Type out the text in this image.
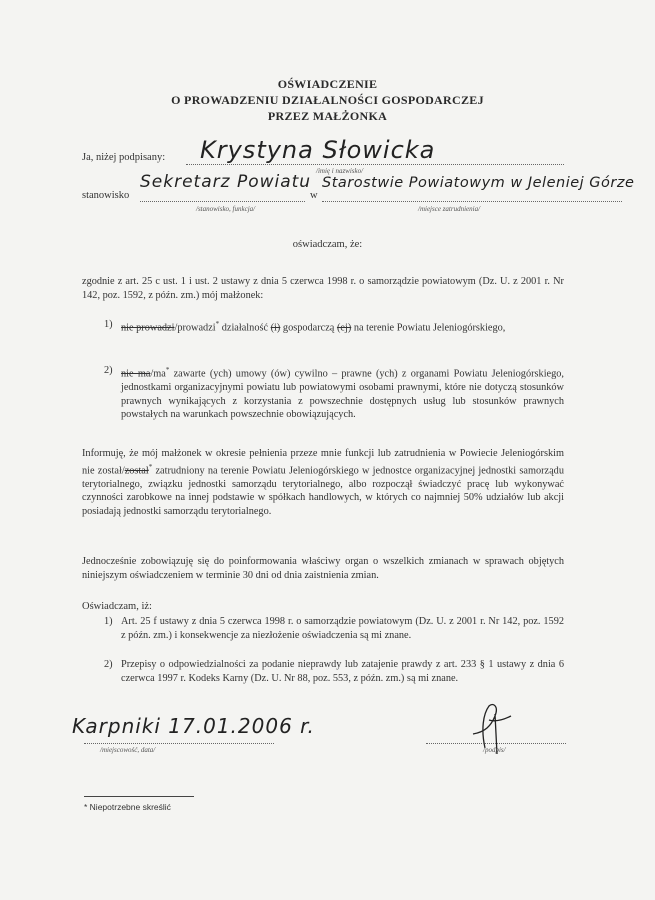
OŚWIADCZENIE
O PROWADZENIU DZIAŁALNOŚCI GOSPODARCZEJ
PRZEZ MAŁŻONKA
Ja, niżej podpisany: Krystyna Słowicka
/imię i nazwisko/
stanowisko
Sekretarz Powiatu
w
Starostwie Powiatowym w Jeleniej Górze
/stanowisko, funkcja/	/miejsce zatrudnienia/
oświadczam, że:
zgodnie z art. 25 c ust. 1 i ust. 2 ustawy z dnia 5 czerwca 1998 r. o samorządzie powiatowym (Dz. U. z 2001 r. Nr 142, poz. 1592, z późn. zm.) mój małżonek:
1) nie prowadzi/prowadzi* działalność (i) gospodarczą (ej) na terenie Powiatu Jeleniogórskiego,
2) nie ma/ma* zawarte (ych) umowy (ów) cywilno – prawne (ych) z organami Powiatu Jeleniogórskiego, jednostkami organizacyjnymi powiatu lub powiatowymi osobami prawnymi, które nie dotyczą stosunków prawnych wynikających z korzystania z powszechnie dostępnych usług lub stosunków prawnych powstałych na warunkach powszechnie obowiązujących.
Informuję, że mój małżonek w okresie pełnienia przeze mnie funkcji lub zatrudnienia w Powiecie Jeleniogórskim nie został/został* zatrudniony na terenie Powiatu Jeleniogórskiego w jednostce organizacyjnej jednostki samorządu terytorialnego, związku jednostki samorządu terytorialnego, albo rozpoczął świadczyć pracę lub wykonywać czynności zarobkowe na innej podstawie w spółkach handlowych, w których co najmniej 50% udziałów lub akcji posiadają jednostki samorządu terytorialnego.
Jednocześnie zobowiązuję się do poinformowania właściwy organ o wszelkich zmianach w sprawach objętych niniejszym oświadczeniem w terminie 30 dni od dnia zaistnienia zmian.
Oświadczam, iż:
1) Art. 25 f ustawy z dnia 5 czerwca 1998 r. o samorządzie powiatowym (Dz. U. z 2001 r. Nr 142, poz. 1592 z późn. zm.) i konsekwencje za niezłożenie oświadczenia są mi znane.
2) Przepisy o odpowiedzialności za podanie nieprawdy lub zatajenie prawdy z art. 233 § 1 ustawy z dnia 6 czerwca 1997 r. Kodeks Karny (Dz. U. Nr 88, poz. 553, z późn. zm.) są mi znane.
Karpniki 17.01.2006 r.
/miejscowość, data/	/podpis/
* Niepotrzebne skreślić
